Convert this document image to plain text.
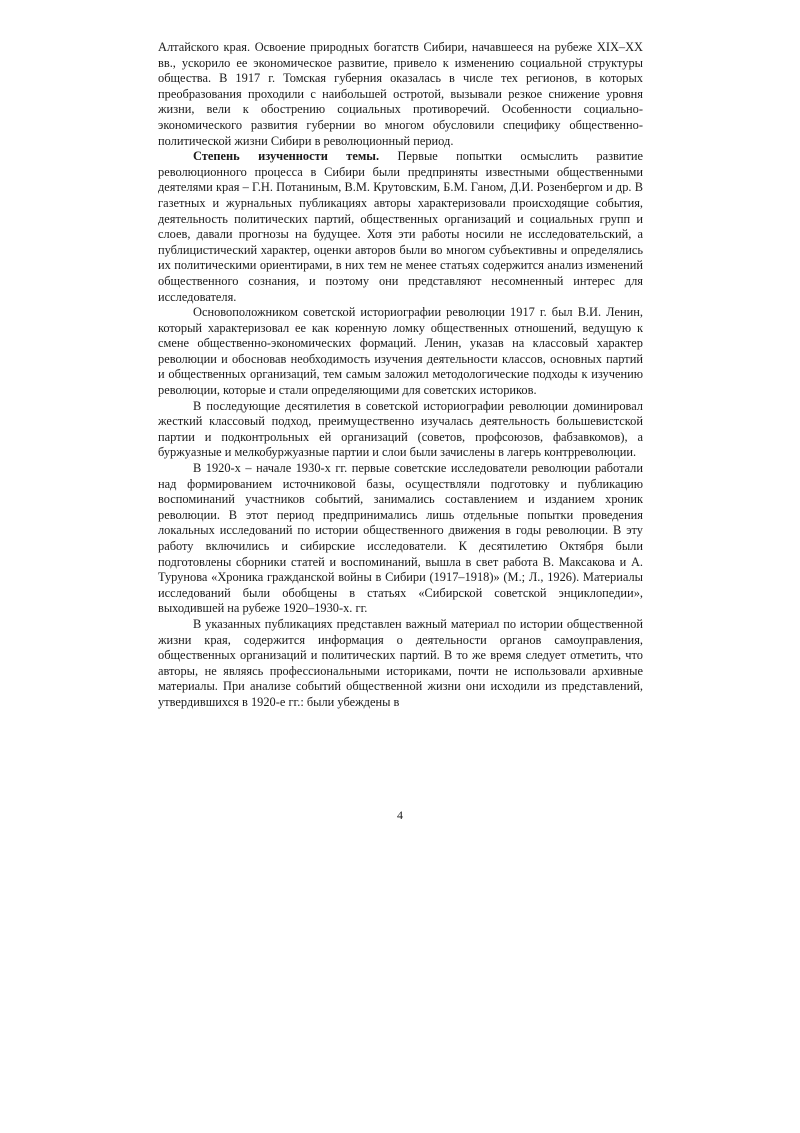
Алтайского края. Освоение природных богатств Сибири, начавшееся на рубеже XIX–XX вв., ускорило ее экономическое развитие, привело к изменению социальной структуры общества. В 1917 г. Томская губерния оказалась в числе тех регионов, в которых преобразования проходили с наибольшей остротой, вызывали резкое снижение уровня жизни, вели к обострению социальных противоречий. Особенности социально-экономического развития губернии во многом обусловили специфику общественно-политической жизни Сибири в революционный период.

Степень изученности темы. Первые попытки осмыслить развитие революционного процесса в Сибири были предприняты известными общественными деятелями края – Г.Н. Потаниным, В.М. Крутовским, Б.М. Ганом, Д.И. Розенбергом и др. В газетных и журнальных публикациях авторы характеризовали происходящие события, деятельность политических партий, общественных организаций и социальных групп и слоев, давали прогнозы на будущее. Хотя эти работы носили не исследовательский, а публицистический характер, оценки авторов были во многом субъективны и определялись их политическими ориентирами, в них тем не менее статьях содержится анализ изменений общественного сознания, и поэтому они представляют несомненный интерес для исследователя.

Основоположником советской историографии революции 1917 г. был В.И. Ленин, который характеризовал ее как коренную ломку общественных отношений, ведущую к смене общественно-экономических формаций. Ленин, указав на классовый характер революции и обосновав необходимость изучения деятельности классов, основных партий и общественных организаций, тем самым заложил методологические подходы к изучению революции, которые и стали определяющими для советских историков.

В последующие десятилетия в советской историографии революции доминировал жесткий классовый подход, преимущественно изучалась деятельность большевистской партии и подконтрольных ей организаций (советов, профсоюзов, фабзавкомов), а буржуазные и мелкобуржуазные партии и слои были зачислены в лагерь контрреволюции.

В 1920-х – начале 1930-х гг. первые советские исследователи революции работали над формированием источниковой базы, осуществляли подготовку и публикацию воспоминаний участников событий, занимались составлением и изданием хроник революции. В этот период предпринимались лишь отдельные попытки проведения локальных исследований по истории общественного движения в годы революции. В эту работу включились и сибирские исследователи. К десятилетию Октября были подготовлены сборники статей и воспоминаний, вышла в свет работа В. Максакова и А. Турунова «Хроника гражданской войны в Сибири (1917–1918)» (М.; Л., 1926). Материалы исследований были обобщены в статьях «Сибирской советской энциклопедии», выходившей на рубеже 1920–1930-х. гг.

В указанных публикациях представлен важный материал по истории общественной жизни края, содержится информация о деятельности органов самоуправления, общественных организаций и политических партий. В то же время следует отметить, что авторы, не являясь профессиональными историками, почти не использовали архивные материалы. При анализе событий общественной жизни они исходили из представлений, утвердившихся в 1920-е гг.: были убеждены в

4
